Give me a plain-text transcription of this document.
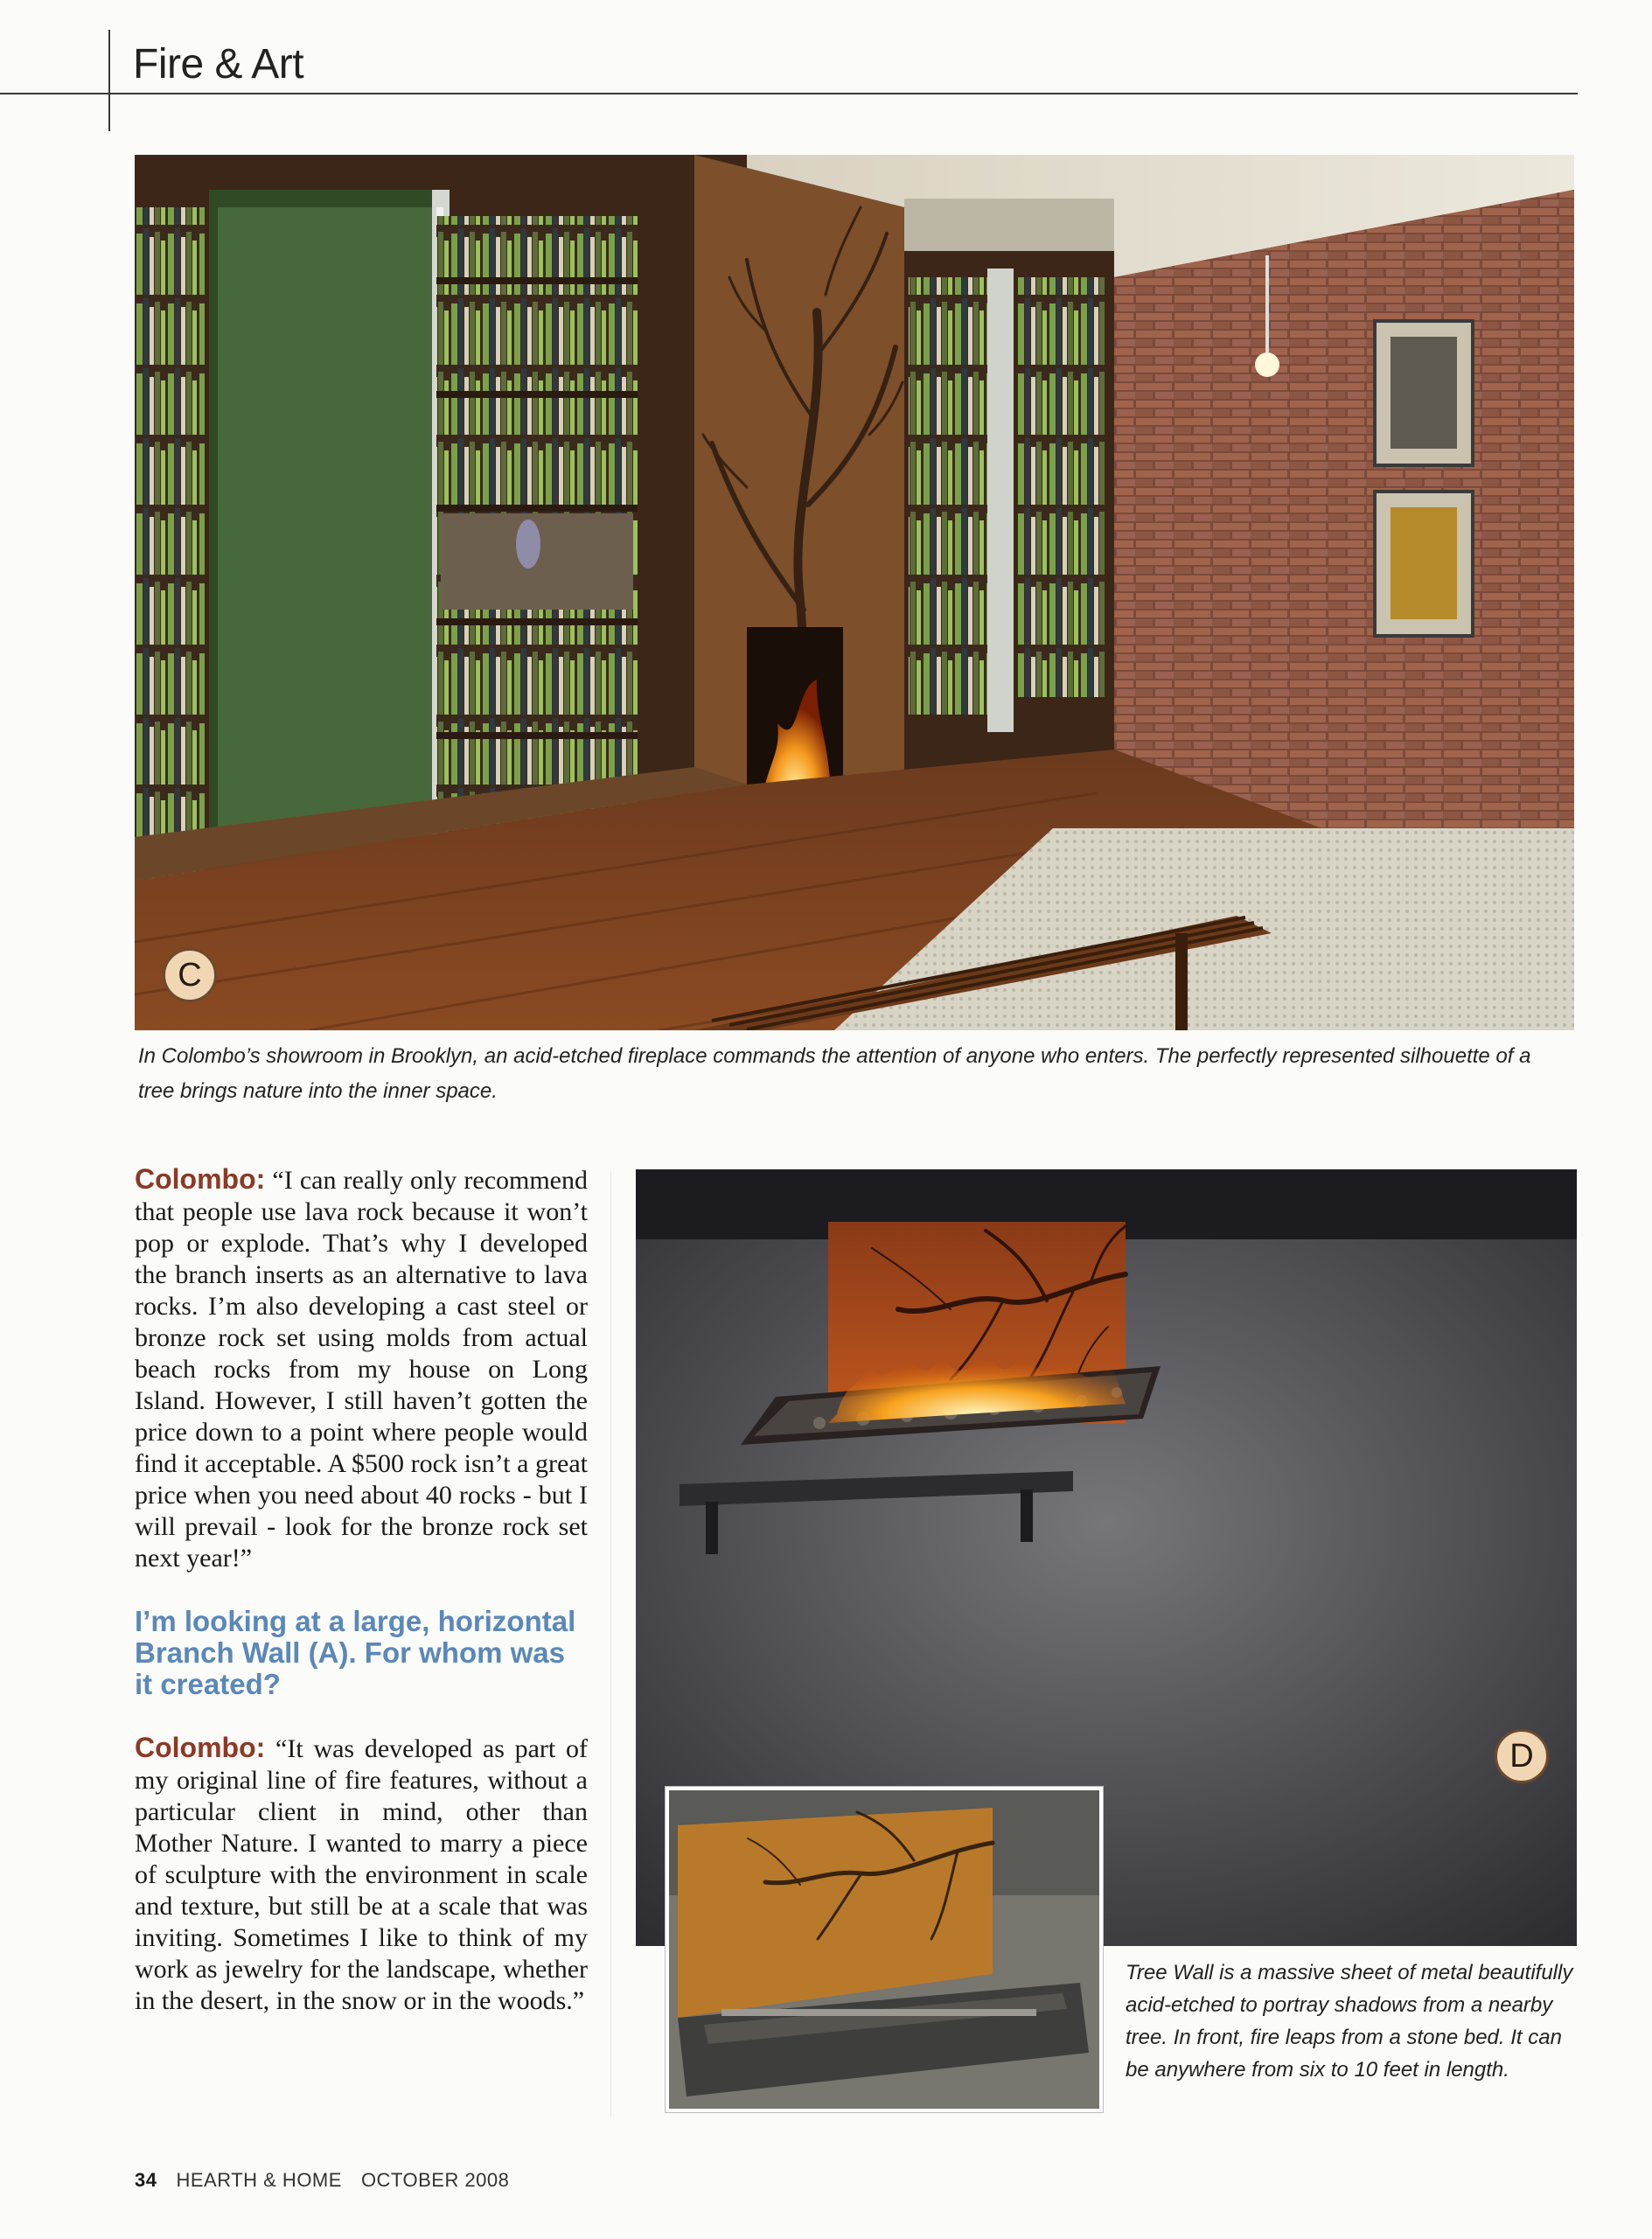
Fire & Art
C
In Colombo’s showroom in Brooklyn, an acid-etched fireplace commands the attention of anyone who enters. The perfectly represented silhouette of a tree brings nature into the inner space.

Colombo: “I can really only recommend that people use lava rock because it won’t pop or explode. That’s why I developed the branch inserts as an alternative to lava rocks. I’m also developing a cast steel or bronze rock set using molds from actual beach rocks from my house on Long Island. However, I still haven’t gotten the price down to a point where people would find it acceptable. A $500 rock isn’t a great price when you need about 40 rocks - but I will prevail - look for the bronze rock set next year!”

I’m looking at a large, horizontal Branch Wall (A). For whom was it created?

Colombo: “It was developed as part of my original line of fire features, without a particular client in mind, other than Mother Nature. I wanted to marry a piece of sculpture with the environment in scale and texture, but still be at a scale that was inviting. Sometimes I like to think of my work as jewelry for the landscape, whether in the desert, in the snow or in the woods.”

D
Tree Wall is a massive sheet of metal beautifully acid-etched to portray shadows from a nearby tree. In front, fire leaps from a stone bed. It can be anywhere from six to 10 feet in length.
34 HEARTH & HOME OCTOBER 2008
